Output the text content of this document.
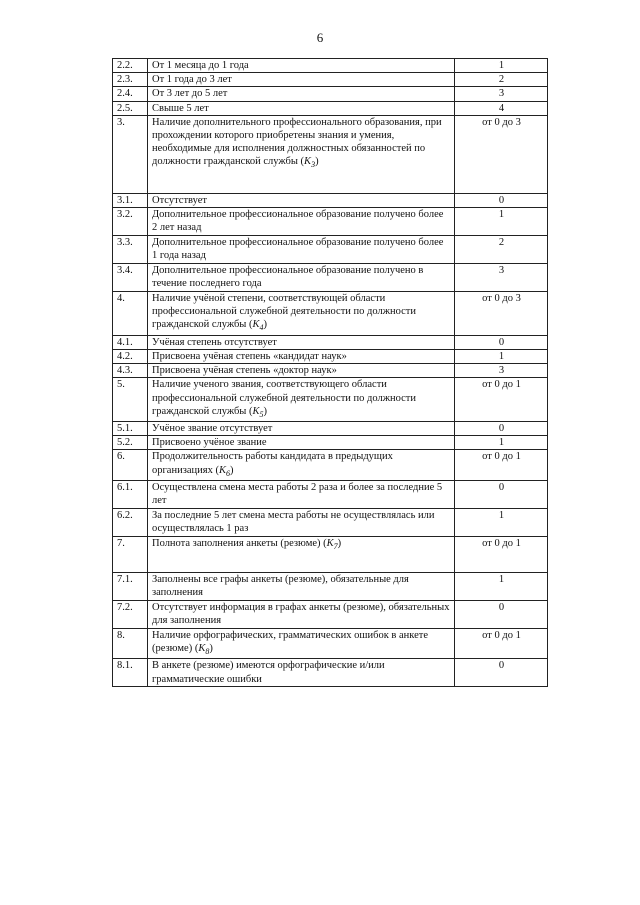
6
2.2.	От 1 месяца до 1 года	1
2.3.	От 1 года до 3 лет	2
2.4.	От 3 лет до 5 лет	3
2.5.	Свыше 5 лет	4
3.	Наличие дополнительного профессионального образования, при прохождении которого приобретены знания и умения, необходимые для исполнения должностных обязанностей по должности гражданской службы $(K_3)$	от 0 до 3
3.1.	Отсутствует	0
3.2.	Дополнительное профессиональное образование получено более 2 лет назад	1
3.3.	Дополнительное профессиональное образование получено более 1 года назад	2
3.4.	Дополнительное профессиональное образование получено в течение последнего года	3
4.	Наличие учёной степени, соответствующей области профессиональной служебной деятельности по должности гражданской службы $(K_4)$	от 0 до 3
4.1.	Учёная степень отсутствует	0
4.2.	Присвоена учёная степень «кандидат наук»	1
4.3.	Присвоена учёная степень «доктор наук»	3
5.	Наличие ученого звания, соответствующего области профессиональной служебной деятельности по должности гражданской службы $(K_5)$	от 0 до 1
5.1.	Учёное звание отсутствует	0
5.2.	Присвоено учёное звание	1
6.	Продолжительность работы кандидата в предыдущих организациях $(K_6)$	от 0 до 1
6.1.	Осуществлена смена места работы 2 раза и более за последние 5 лет	0
6.2.	За последние 5 лет смена места работы не осуществлялась или осуществлялась 1 раз	1
7.	Полнота заполнения анкеты (резюме) $(K_7)$	от 0 до 1
7.1.	Заполнены все графы анкеты (резюме), обязательные для заполнения	1
7.2.	Отсутствует информация в графах анкеты (резюме), обязательных для заполнения	0
8.	Наличие орфографических, грамматических ошибок в анкете (резюме) $(K_8)$	от 0 до 1
8.1.	В анкете (резюме) имеются орфографические и/или грамматические ошибки	0
